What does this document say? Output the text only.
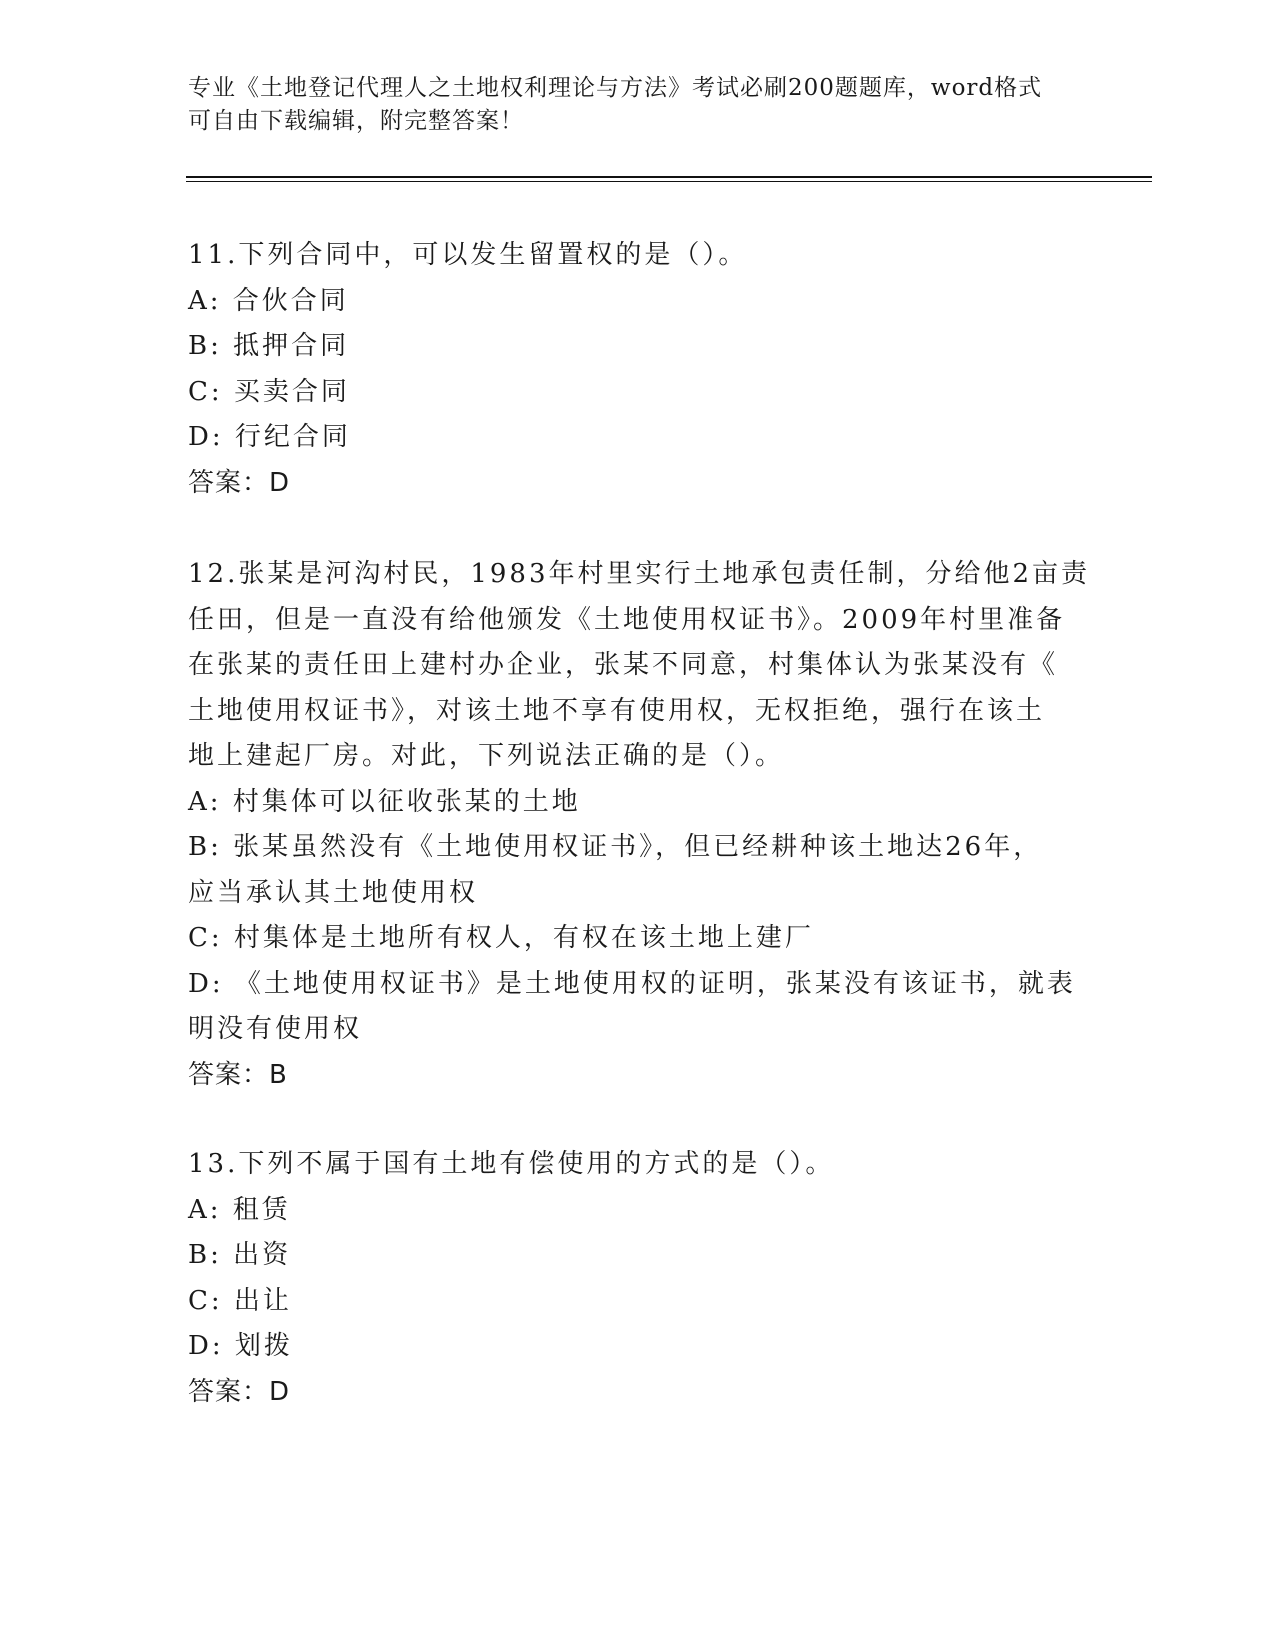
专业《土地登记代理人之土地权利理论与方法》考试必刷200题题库，word格式
可自由下载编辑，附完整答案！
11.下列合同中，可以发生留置权的是（）。
A: 合伙合同
B: 抵押合同
C: 买卖合同
D: 行纪合同
答案：D
12.张某是河沟村民，1983年村里实行土地承包责任制，分给他2亩责
任田，但是一直没有给他颁发《土地使用权证书》。2009年村里准备
在张某的责任田上建村办企业，张某不同意，村集体认为张某没有《
土地使用权证书》，对该土地不享有使用权，无权拒绝，强行在该土
地上建起厂房。对此，下列说法正确的是（）。
A: 村集体可以征收张某的土地
B: 张某虽然没有《土地使用权证书》，但已经耕种该土地达26年，
应当承认其土地使用权
C: 村集体是土地所有权人，有权在该土地上建厂
D: 《土地使用权证书》是土地使用权的证明，张某没有该证书，就表
明没有使用权
答案：B
13.下列不属于国有土地有偿使用的方式的是（）。
A: 租赁
B: 出资
C: 出让
D: 划拨
答案：D
